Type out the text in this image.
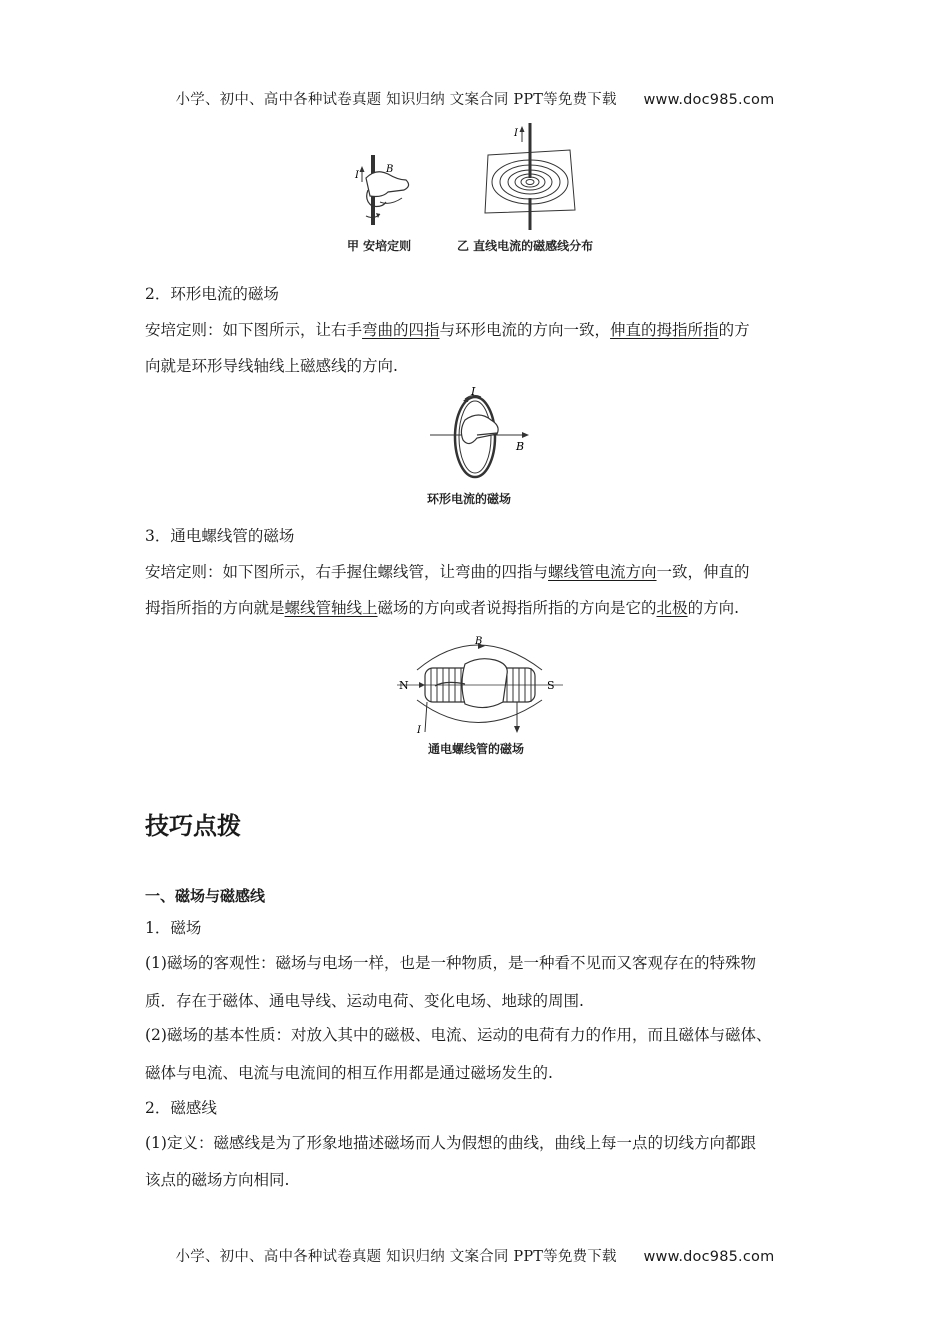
小学、初中、高中各种试卷真题 知识归纳 文案合同 PPT等免费下载 www.doc985.com
I
B
I
甲 安培定则	乙 直线电流的磁感线分布
2．环形电流的磁场
安培定则：如下图所示，让右手弯曲的四指与环形电流的方向一致，伸直的拇指所指的方
向就是环形导线轴线上磁感线的方向.
I
B
环形电流的磁场
3．通电螺线管的磁场
安培定则：如下图所示，右手握住螺线管，让弯曲的四指与螺线管电流方向一致，伸直的
拇指所指的方向就是螺线管轴线上磁场的方向或者说拇指所指的方向是它的北极的方向.
N	S
B
I
通电螺线管的磁场
技巧点拨
一、磁场与磁感线
1．磁场
(1)磁场的客观性：磁场与电场一样，也是一种物质，是一种看不见而又客观存在的特殊物
质．存在于磁体、通电导线、运动电荷、变化电场、地球的周围.
(2)磁场的基本性质：对放入其中的磁极、电流、运动的电荷有力的作用，而且磁体与磁体、
磁体与电流、电流与电流间的相互作用都是通过磁场发生的.
2．磁感线
(1)定义：磁感线是为了形象地描述磁场而人为假想的曲线，曲线上每一点的切线方向都跟
该点的磁场方向相同.
小学、初中、高中各种试卷真题 知识归纳 文案合同 PPT等免费下载 www.doc985.com
